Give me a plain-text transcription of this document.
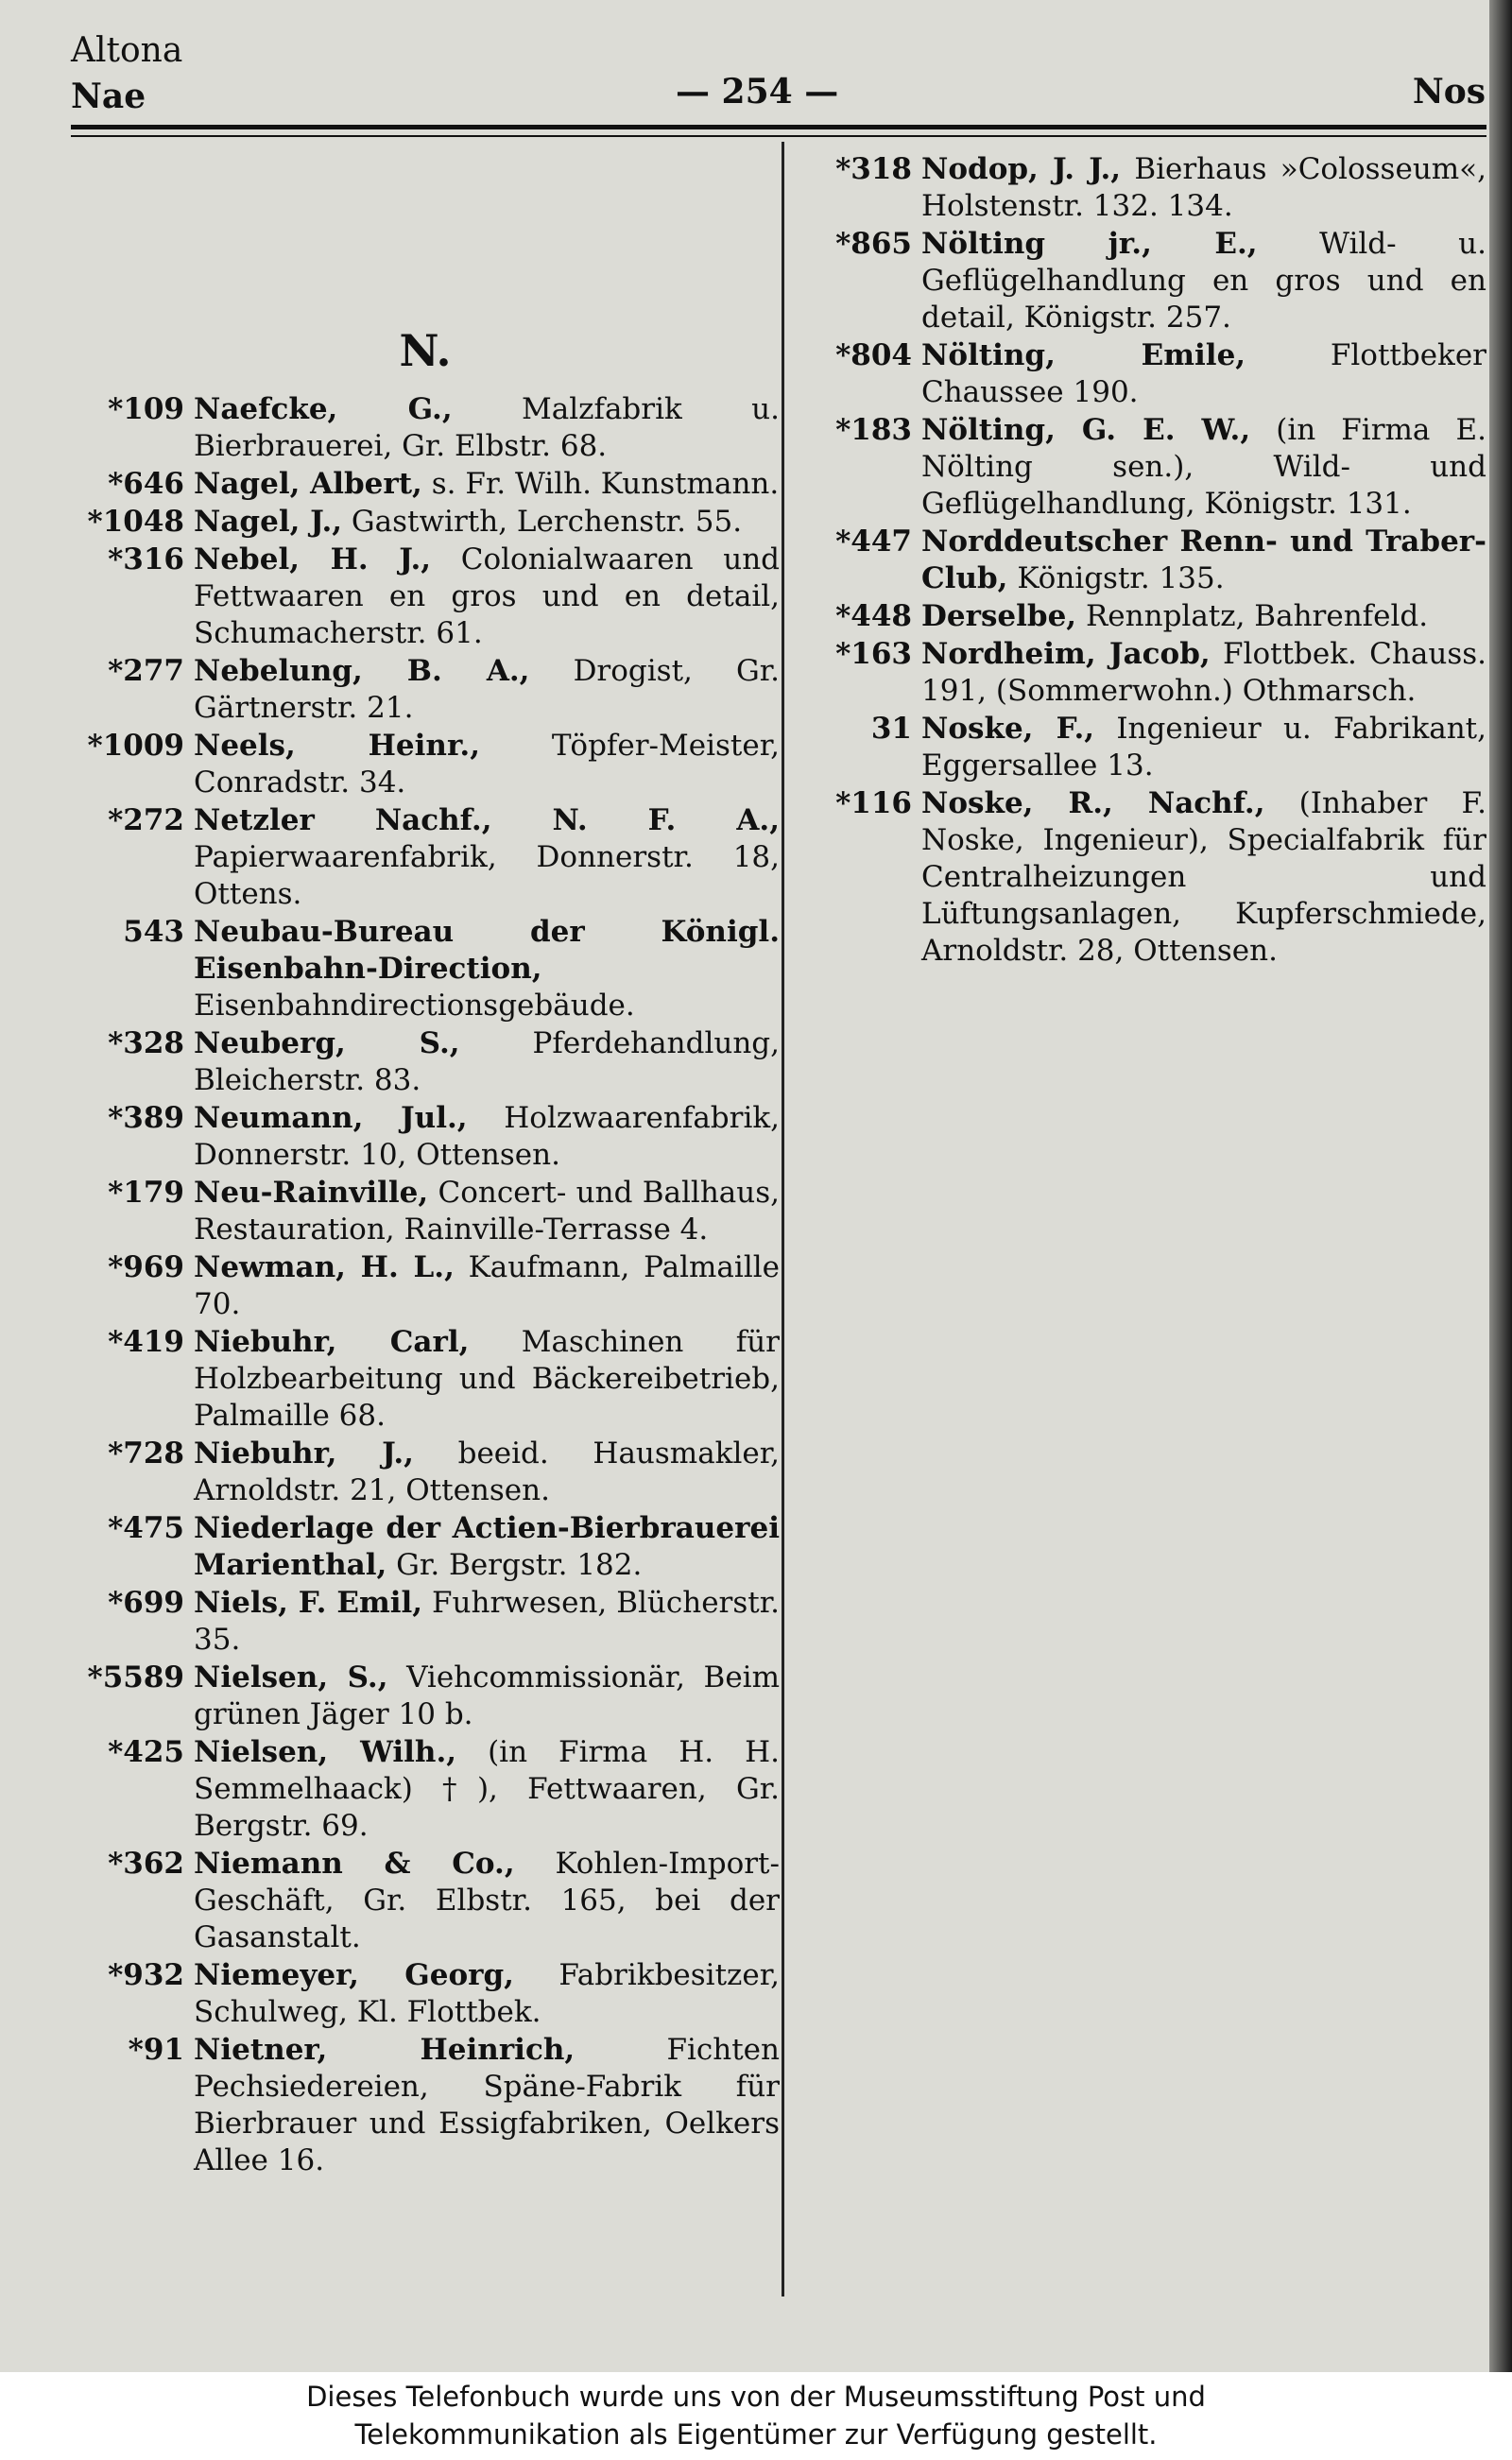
Altona
Nae	— 254 —	Nos
N.
*109 Naefcke, G., Malzfabrik u. Bierbrauerei, Gr. Elbstr. 68.
*646 Nagel, Albert, s. Fr. Wilh. Kunstmann.
*1048 Nagel, J., Gastwirth, Lerchenstr. 55.
*316 Nebel, H. J., Colonialwaaren und Fettwaaren en gros und en detail, Schumacherstr. 61.
*277 Nebelung, B. A., Drogist, Gr. Gärtnerstr. 21.
*1009 Neels, Heinr., Töpfer-Meister, Conradstr. 34.
*272 Netzler Nachf., N. F. A., Papierwaarenfabrik, Donnerstr. 18, Ottens.
543 Neubau-Bureau der Königl. Eisenbahn-Direction, Eisenbahndirectionsgebäude.
*328 Neuberg, S., Pferdehandlung, Bleicherstr. 83.
*389 Neumann, Jul., Holzwaarenfabrik, Donnerstr. 10, Ottensen.
*179 Neu-Rainville, Concert- und Ballhaus, Restauration, Rainville-Terrasse 4.
*969 Newman, H. L., Kaufmann, Palmaille 70.
*419 Niebuhr, Carl, Maschinen für Holzbearbeitung und Bäckereibetrieb, Palmaille 68.
*728 Niebuhr, J., beeid. Hausmakler, Arnoldstr. 21, Ottensen.
*475 Niederlage der Actien-Bierbrauerei Marienthal, Gr. Bergstr. 182.
*699 Niels, F. Emil, Fuhrwesen, Blücherstr. 35.
*5589 Nielsen, S., Viehcommissionär, Beim grünen Jäger 10 b.
*425 Nielsen, Wilh., (in Firma H. H. Semmelhaack) †), Fettwaaren, Gr. Bergstr. 69.
*362 Niemann & Co., Kohlen-Import-Geschäft, Gr. Elbstr. 165, bei der Gasanstalt.
*932 Niemeyer, Georg, Fabrikbesitzer, Schulweg, Kl. Flottbek.
*91 Nietner, Heinrich,	Fichten Pechsiedereien, Späne-Fabrik für Bierbrauer und Essigfabriken, Oelkers Allee 16.
*318 Nodop, J. J., Bierhaus »Colosseum«, Holstenstr. 132. 134.
*865 Nölting jr., E., Wild- u. Geflügelhandlung en gros und en detail, Königstr. 257.
*804 Nölting, Emile,	Flottbeker Chaussee 190.
*183 Nölting, G. E. W., (in Firma E. Nölting sen.), Wild- und Geflügelhandlung, Königstr. 131.
*447 Norddeutscher Renn- und Traber-Club, Königstr. 135.
*448 Derselbe, Rennplatz, Bahrenfeld.
*163 Nordheim, Jacob, Flottbek. Chauss. 191, (Sommerwohn.) Othmarsch.
31 Noske, F., Ingenieur u. Fabrikant, Eggersallee 13.
*116 Noske, R., Nachf., (Inhaber F. Noske, Ingenieur), Specialfabrik für Centralheizungen und Lüftungsanlagen, Kupferschmiede, Arnoldstr. 28, Ottensen.
Dieses Telefonbuch wurde uns von der Museumsstiftung Post und
Telekommunikation als Eigentümer zur Verfügung gestellt.
